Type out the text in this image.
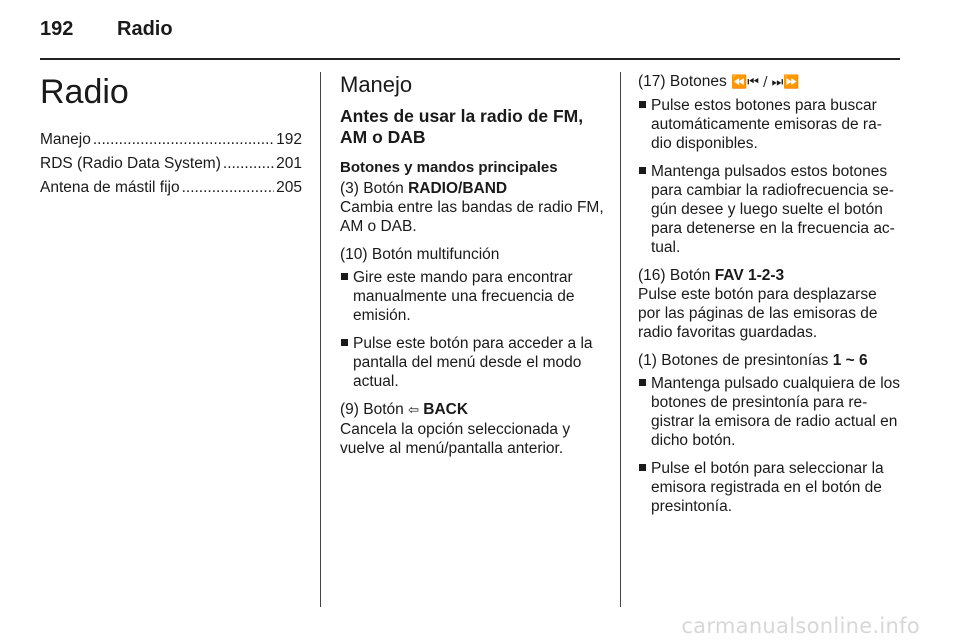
192 Radio
Radio
Manejo .....	192
RDS (Radio Data System) .....	201
Antena de mástil fijo .....	205
Manejo
Antes de usar la radio de FM, AM o DAB
Botones y mandos principales

(3) Botón RADIO/BAND
Cambia entre las bandas de radio FM, AM o DAB.

(10) Botón multifunción

Gire este mando para encontrar manualmente una frecuencia de emisión.
Pulse este botón para acceder a la pantalla del menú desde el modo actual.

(9) Botón ⇦ BACK
Cancela la opción seleccionada y vuelve al menú/pantalla anterior.

(17) Botones ⏪⏮ / ⏭⏩

Pulse estos botones para buscar automáticamente emisoras de ra-dio disponibles.
Mantenga pulsados estos botones para cambiar la radiofrecuencia se-gún desee y luego suelte el botón para detenerse en la frecuencia ac-tual.

(16) Botón FAV 1-2-3
Pulse este botón para desplazarse por las páginas de las emisoras de radio favoritas guardadas.

(1) Botones de presintonías 1 ~ 6

Mantenga pulsado cualquiera de los botones de presintonía para re-gistrar la emisora de radio actual en dicho botón.
Pulse el botón para seleccionar la emisora registrada en el botón de presintonía.
carmanualsonline.info
